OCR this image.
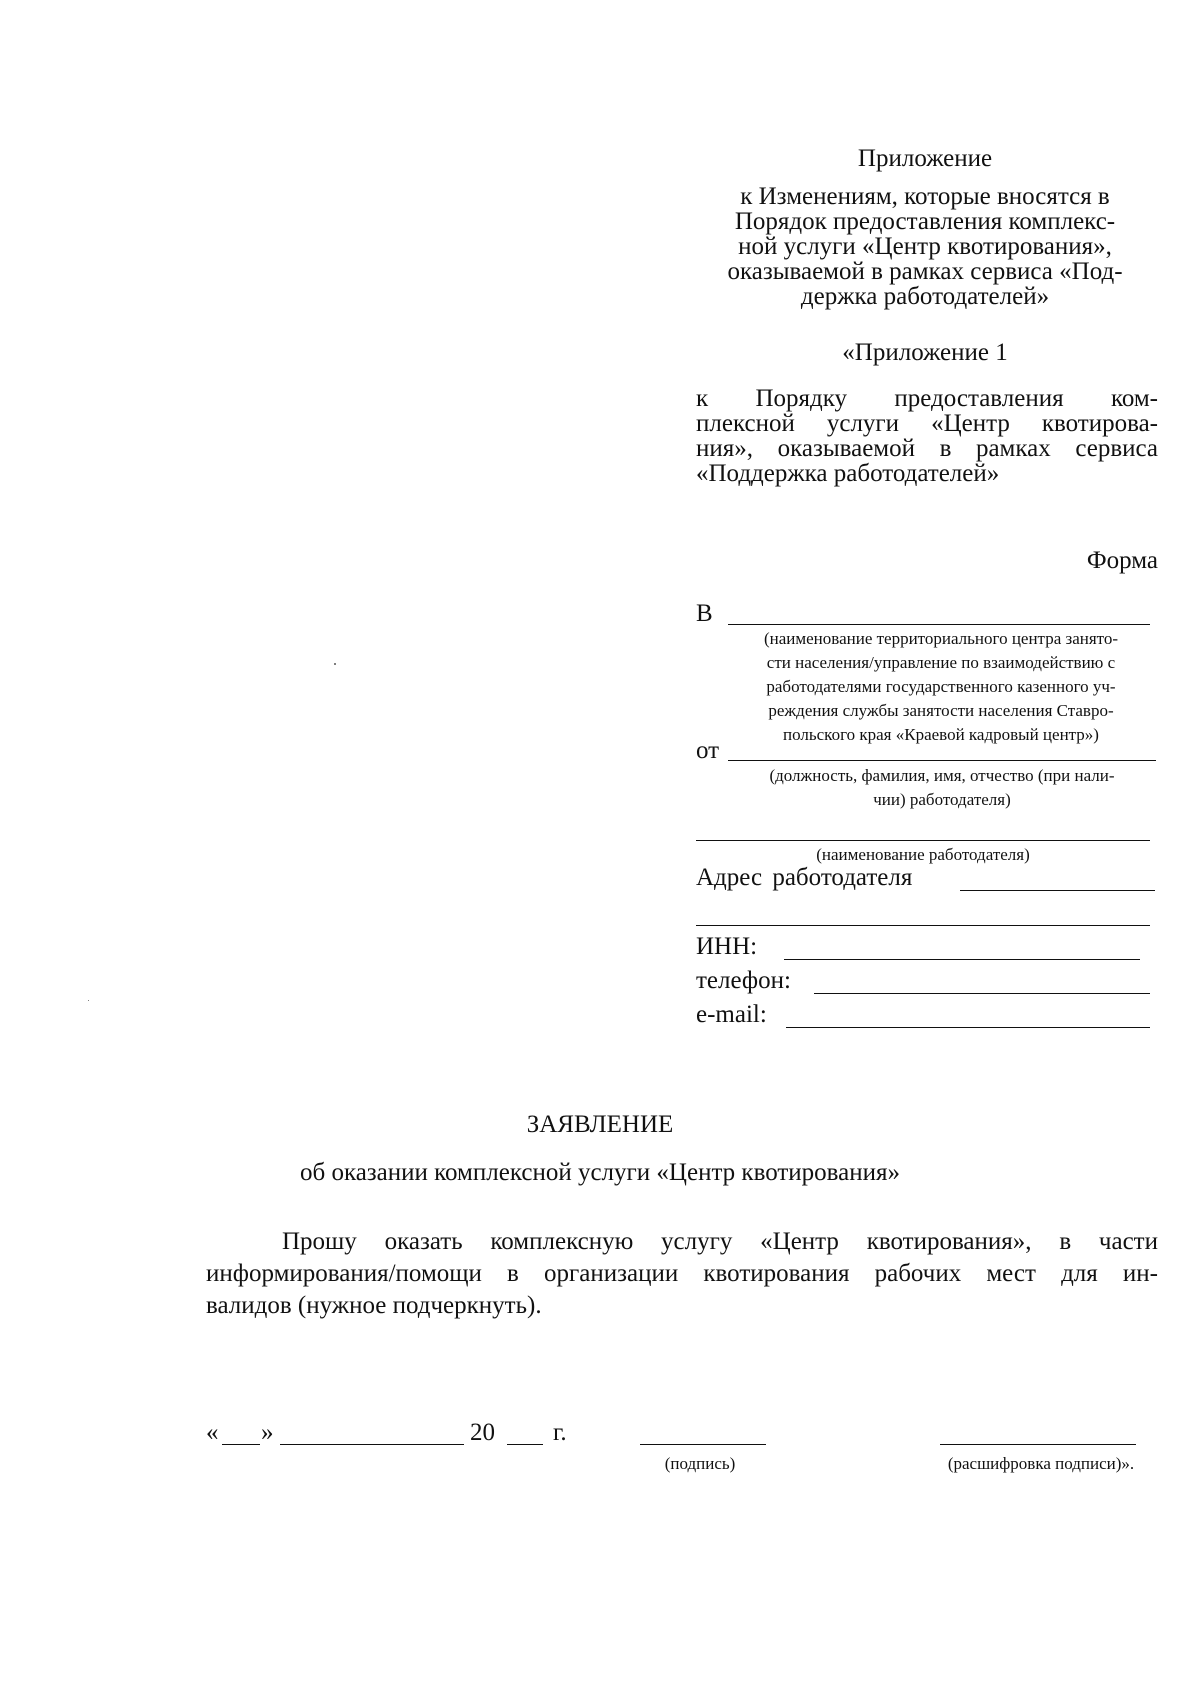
Приложение
к Изменениям, которые вносятся в
Порядок предоставления комплекс-
ной услуги «Центр квотирования»,
оказываемой в рамках сервиса «Под-
держка работодателей»
«Приложение 1
к Порядку предоставления ком-
плексной услуги «Центр квотирова-
ния», оказываемой в рамках сервиса
«Поддержка работодателей»
Форма
В
(наименование территориального центра занято-
сти населения/управление по взаимодействию с
работодателями государственного казенного уч-
реждения службы занятости населения Ставро-
польского края «Краевой кадровый центр»)
от
(должность, фамилия, имя, отчество (при нали-
чии) работодателя)
(наименование работодателя)
Адрес работодателя
ИНН:
телефон:
e-mail:
ЗАЯВЛЕНИЕ
об оказании комплексной услуги «Центр квотирования»
Прошу оказать комплексную услугу «Центр квотирования», в части
информирования/помощи в организации квотирования рабочих мест для ин-
валидов (нужное подчеркнуть).
« »	20 г.
(подпись)	(расшифровка подписи)».
